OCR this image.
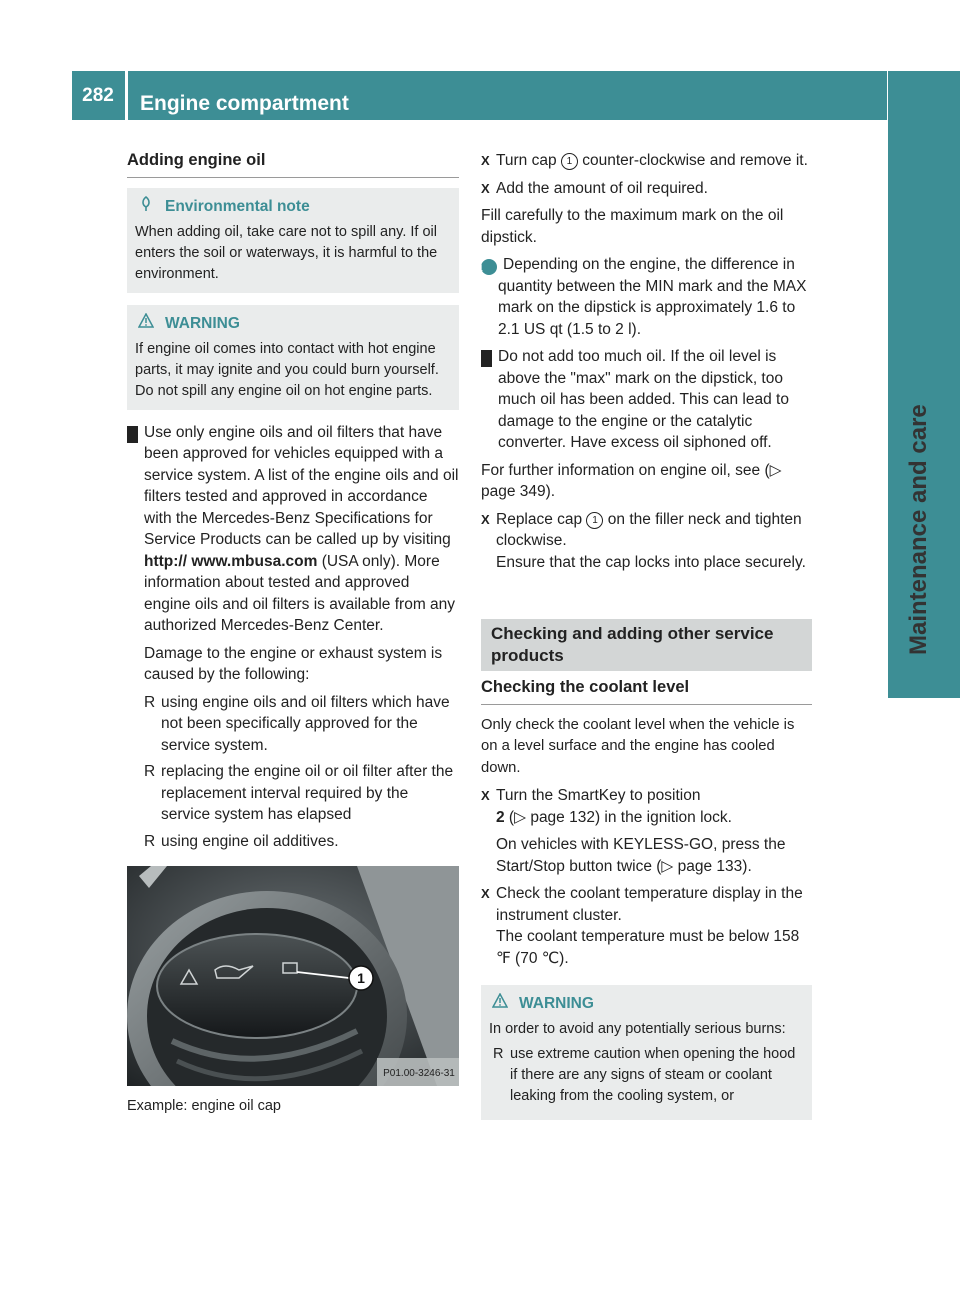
282	Engine compartment
Maintenance and care
Adding engine oil
Environmental note

When adding oil, take care not to spill any. If oil enters the soil or waterways, it is harmful to the environment.

WARNING

If engine oil comes into contact with hot engine parts, it may ignite and you could burn yourself. Do not spill any engine oil on hot engine parts.

! Use only engine oils and oil filters that have been approved for vehicles equipped with a service system. A list of the engine oils and oil filters tested and approved in accordance with the Mercedes-Benz Specifications for Service Products can be called up by visiting http:// www.mbusa.com (USA only). More information about tested and approved engine oils and oil filters is available from any authorized Mercedes-Benz Center.

Damage to the engine or exhaust system is caused by the following:

R using engine oils and oil filters which have not been specifically approved for the service system.
R replacing the engine oil or oil filter after the replacement interval required by the service system has elapsed
R using engine oil additives.
1
P01.00-3246-31
Example: engine oil cap
X Turn cap 1 counter-clockwise and remove it.
X Add the amount of oil required.

Fill carefully to the maximum mark on the oil dipstick.

i Depending on the engine, the difference in quantity between the MIN mark and the MAX mark on the dipstick is approximately 1.6 to 2.1 US qt (1.5 to 2 l).

! Do not add too much oil. If the oil level is above the "max" mark on the dipstick, too much oil has been added. This can lead to damage to the engine or the catalytic converter. Have excess oil siphoned off.

For further information on engine oil, see (▷ page 349).

X Replace cap 1 on the filler neck and tighten clockwise.
Ensure that the cap locks into place securely.
Checking and adding other service products
Checking the coolant level

Only check the coolant level when the vehicle is on a level surface and the engine has cooled down.

X Turn the SmartKey to position
2 (▷ page 132) in the ignition lock.

On vehicles with KEYLESS-GO, press the Start/Stop button twice (▷ page 133).

X Check the coolant temperature display in the instrument cluster.
The coolant temperature must be below 158 ℉ (70 ℃).
WARNING

In order to avoid any potentially serious burns:

R use extreme caution when opening the hood if there are any signs of steam or coolant leaking from the cooling system, or
